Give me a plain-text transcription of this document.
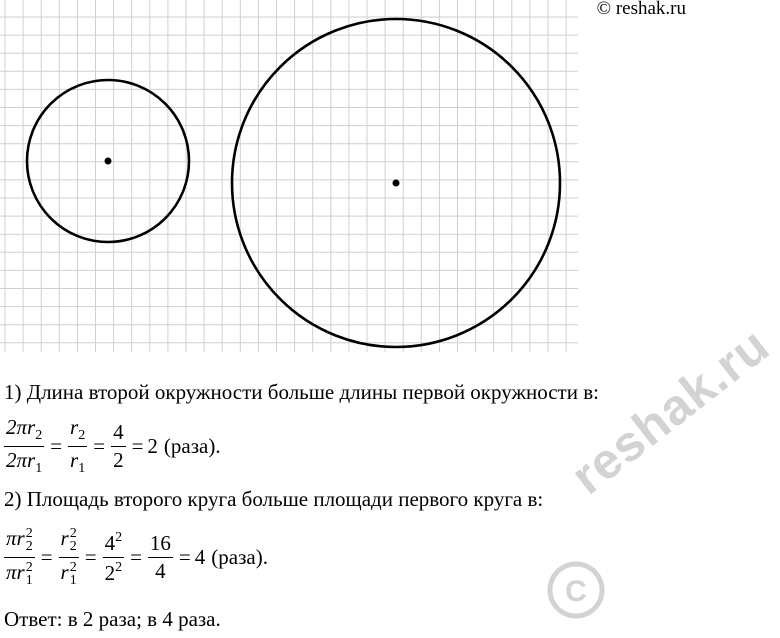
© reshak.ru
1) Длина второй окружности больше длины первой окружности в:
$\frac{2\pi r_2}{2\pi r_1} = \frac{r_2}{r_1} = \frac{4}{2} = 2$ (раза).
2) Площадь второго круга больше площади первого круга в:
πr 2
2
πr 2
1 = r 2
2
r 2
$1 = \frac{4^2}{2^2} = \frac{16}{4} = 4$ (раза).
Ответ: в 2 раза; в 4 раза.
reshak.ru
C
